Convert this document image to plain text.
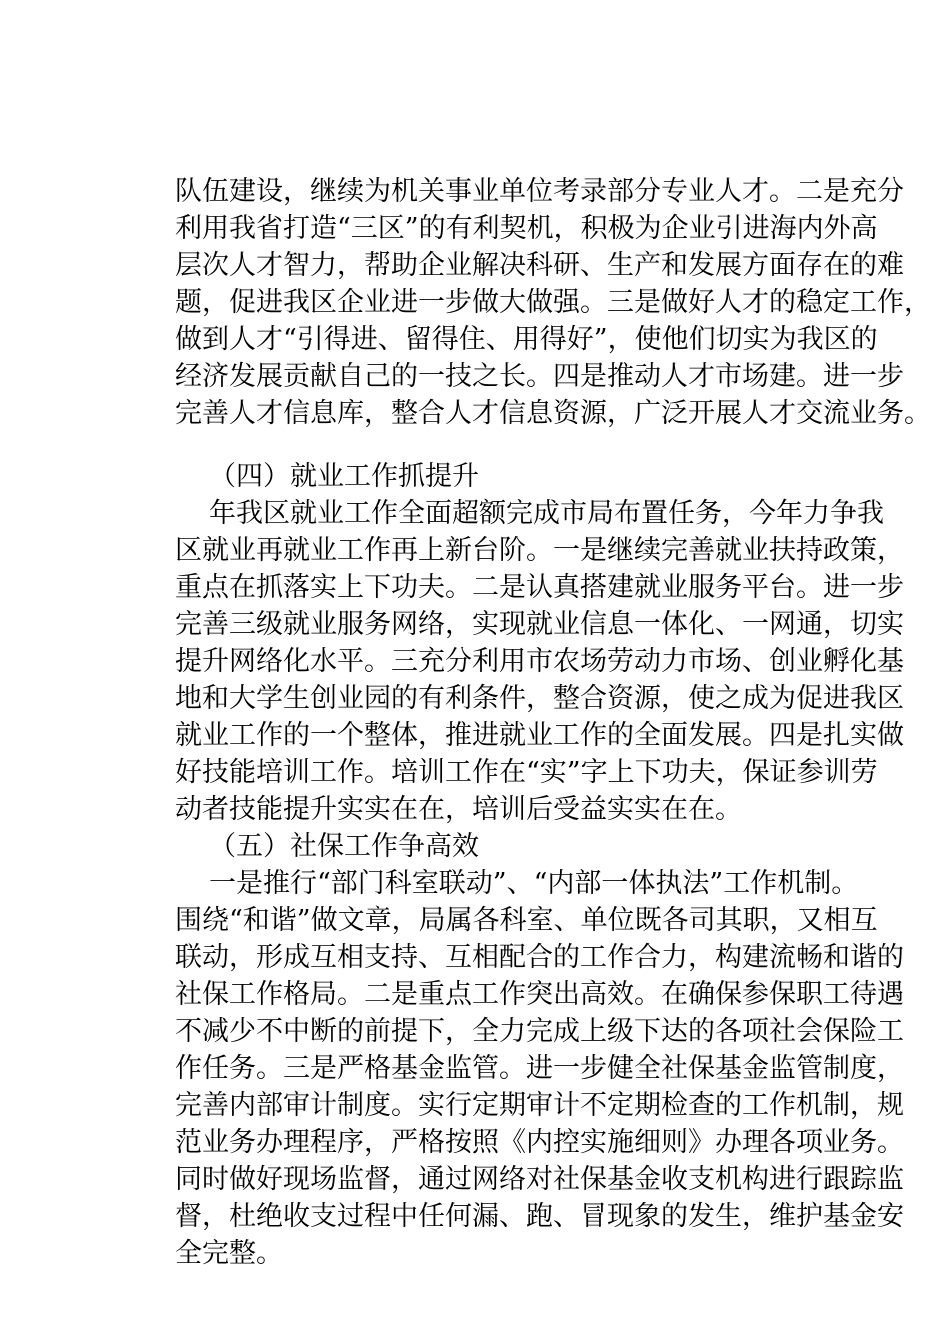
队伍建设，继续为机关事业单位考录部分专业人才。二是充分
利用我省打造“三区”的有利契机，积极为企业引进海内外高
层次人才智力，帮助企业解决科研、生产和发展方面存在的难
题，促进我区企业进一步做大做强。三是做好人才的稳定工作，
做到人才“引得进、留得住、用得好”，使他们切实为我区的
经济发展贡献自己的一技之长。四是推动人才市场建。进一步
完善人才信息库，整合人才信息资源，广泛开展人才交流业务。
（四）就业工作抓提升
年我区就业工作全面超额完成市局布置任务，今年力争我
区就业再就业工作再上新台阶。一是继续完善就业扶持政策，
重点在抓落实上下功夫。二是认真搭建就业服务平台。进一步
完善三级就业服务网络，实现就业信息一体化、一网通，切实
提升网络化水平。三充分利用市农场劳动力市场、创业孵化基
地和大学生创业园的有利条件，整合资源，使之成为促进我区
就业工作的一个整体，推进就业工作的全面发展。四是扎实做
好技能培训工作。培训工作在“实”字上下功夫，保证参训劳
动者技能提升实实在在，培训后受益实实在在。
（五）社保工作争高效
一是推行“部门科室联动”、“内部一体执法”工作机制。
围绕“和谐”做文章，局属各科室、单位既各司其职，又相互
联动，形成互相支持、互相配合的工作合力，构建流畅和谐的
社保工作格局。二是重点工作突出高效。在确保参保职工待遇
不减少不中断的前提下，全力完成上级下达的各项社会保险工
作任务。三是严格基金监管。进一步健全社保基金监管制度，
完善内部审计制度。实行定期审计不定期检查的工作机制，规
范业务办理程序，严格按照《内控实施细则》办理各项业务。
同时做好现场监督，通过网络对社保基金收支机构进行跟踪监
督，杜绝收支过程中任何漏、跑、冒现象的发生，维护基金安
全完整。
